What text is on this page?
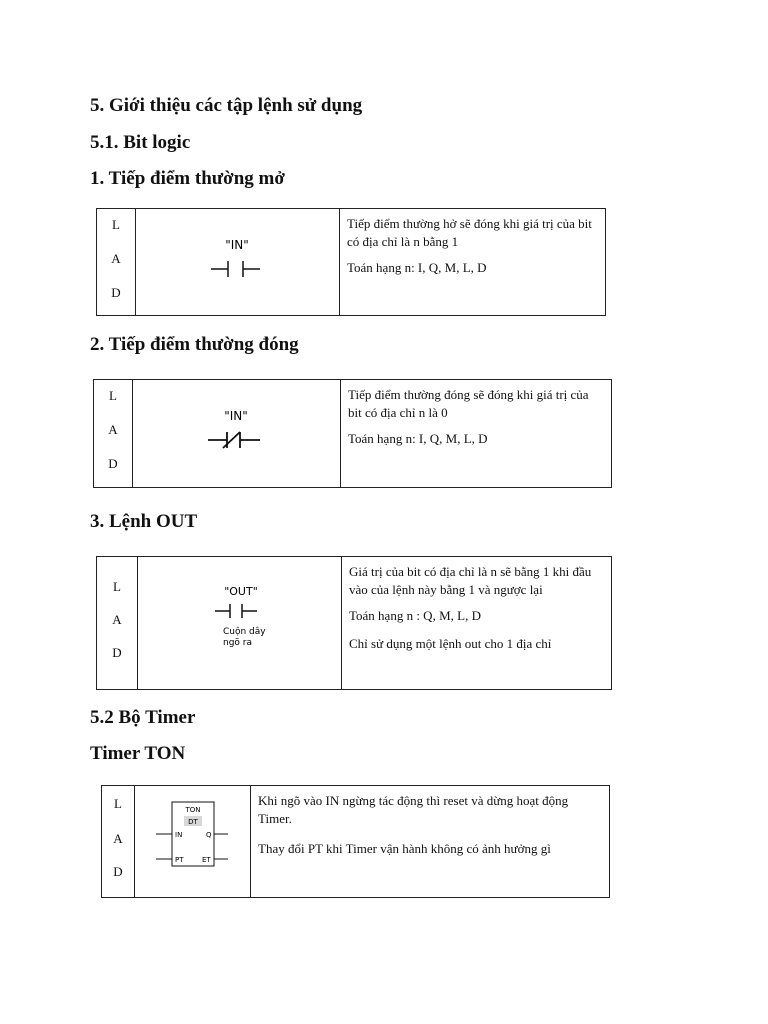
5. Giới thiệu các tập lệnh sử dụng
5.1. Bit logic
1. Tiếp điểm thường mở
L
A
D
"IN"

Tiếp điểm thường hở sẽ đóng khi giá trị của bit có địa chỉ là n bằng 1

Toán hạng n: I, Q, M, L, D

2. Tiếp điểm thường đóng
L
A
D
"IN"

Tiếp điểm thường đóng sẽ đóng khi giá trị của bit có địa chỉ n là 0

Toán hạng n: I, Q, M, L, D

3. Lệnh OUT
L
A
D
"OUT"
Cuộn dây
ngõ ra

Giá trị của bit có địa chỉ là n sẽ bằng 1 khi đầu vào của lệnh này bằng 1 và ngược lại

Toán hạng n : Q, M, L, D

Chỉ sử dụng một lệnh out cho 1 địa chỉ

5.2 Bộ Timer
Timer TON
L
A
D
TON
DT
IN	Q
PT	ET

Khi ngõ vào IN ngừng tác động thì reset và dừng hoạt động Timer.

Thay đổi PT khi Timer vận hành không có ảnh hưởng gì
